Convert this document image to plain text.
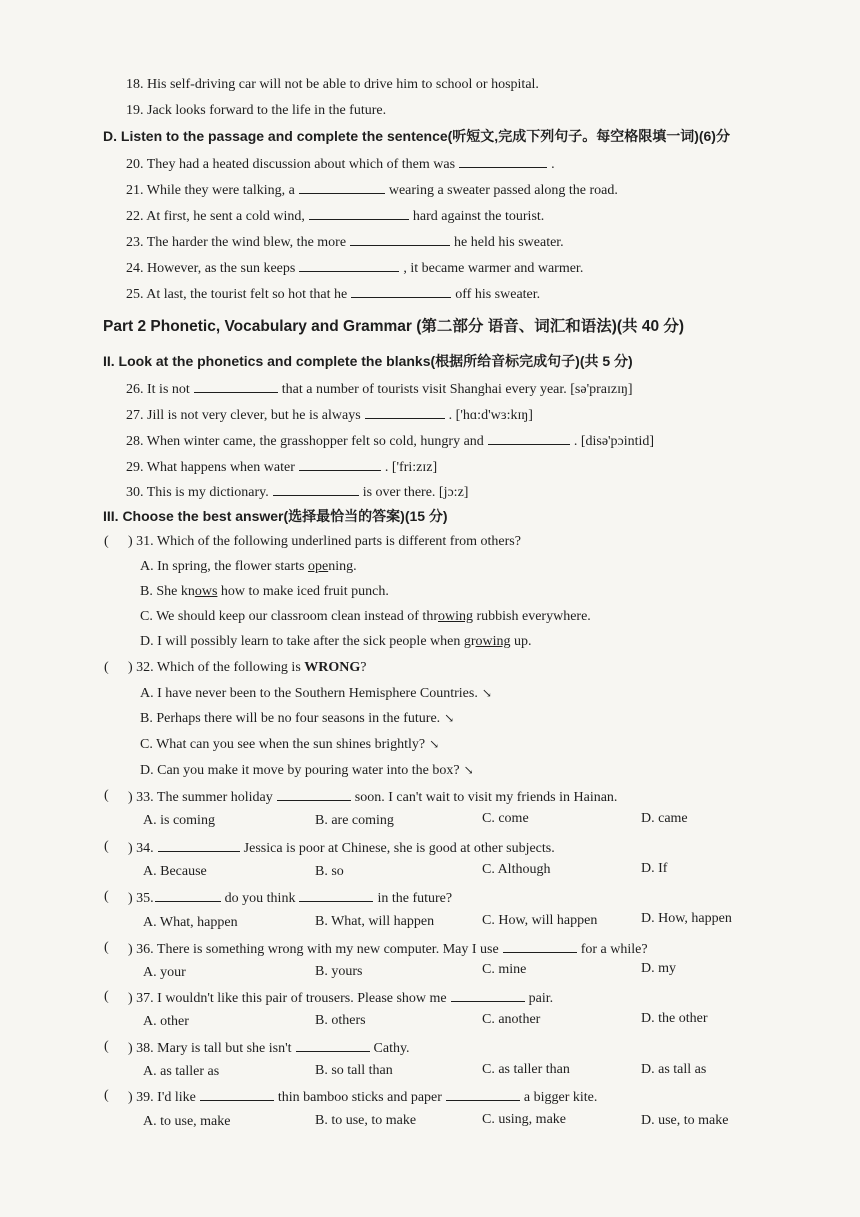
18. His self-driving car will not be able to drive him to school or hospital.
19. Jack looks forward to the life in the future.
D. Listen to the passage and complete the sentence(听短文,完成下列句子。每空格限填一词)(6)分
20. They had a heated discussion about which of them was	.
21. While they were talking, a	wearing a sweater passed along the road.
22. At first, he sent a cold wind,	hard against the tourist.
23. The harder the wind blew, the more	he held his sweater.
24. However, as the sun keeps	, it became warmer and warmer.
25. At last, the tourist felt so hot that he	off his sweater.
Part 2 Phonetic, Vocabulary and Grammar (第二部分 语音、词汇和语法)(共 40 分)
II. Look at the phonetics and complete the blanks(根据所给音标完成句子)(共 5 分)
26. It is not	that a number of tourists visit Shanghai every year. [sə'praɪzɪŋ]
27. Jill is not very clever, but he is always	. ['hɑ:d'wɜ:kɪŋ]
28. When winter came, the grasshopper felt so cold, hungry and	. [disə'pɔintid]
29. What happens when water	. ['fri:zɪz]
30. This is my dictionary.	is over there. [jɔ:z]
III. Choose the best answer(选择最恰当的答案)(15 分)
( ) 31. Which of the following underlined parts is different from others?
A. In spring, the flower starts opening.
B. She knows how to make iced fruit punch.
C. We should keep our classroom clean instead of throwing rubbish everywhere.
D. I will possibly learn to take after the sick people when growing up.
( ) 32. Which of the following is WRONG?
A. I have never been to the Southern Hemisphere Countries. ↘
B. Perhaps there will be no four seasons in the future. ↘
C. What can you see when the sun shines brightly? ↘
D. Can you make it move by pouring water into the box? ↘
( ) 33. The summer holiday	soon. I can't wait to visit my friends in Hainan.
A. is coming	B. are coming	C. come	D. came
( ) 34.	Jessica is poor at Chinese, she is good at other subjects.
A. Because	B. so	C. Although	D. If
( ) 35.	do you think	in the future?
A. What, happen	B. What, will happen	C. How, will happen	D. How, happen
( ) 36. There is something wrong with my new computer. May I use	for a while?
A. your	B. yours	C. mine	D. my
( ) 37. I wouldn't like this pair of trousers. Please show me	pair.
A. other	B. others	C. another	D. the other
( ) 38. Mary is tall but she isn't	Cathy.
A. as taller as	B. so tall than	C. as taller than	D. as tall as
( ) 39. I'd like	thin bamboo sticks and paper	a bigger kite.
A. to use, make	B. to use, to make	C. using, make	D. use, to make
